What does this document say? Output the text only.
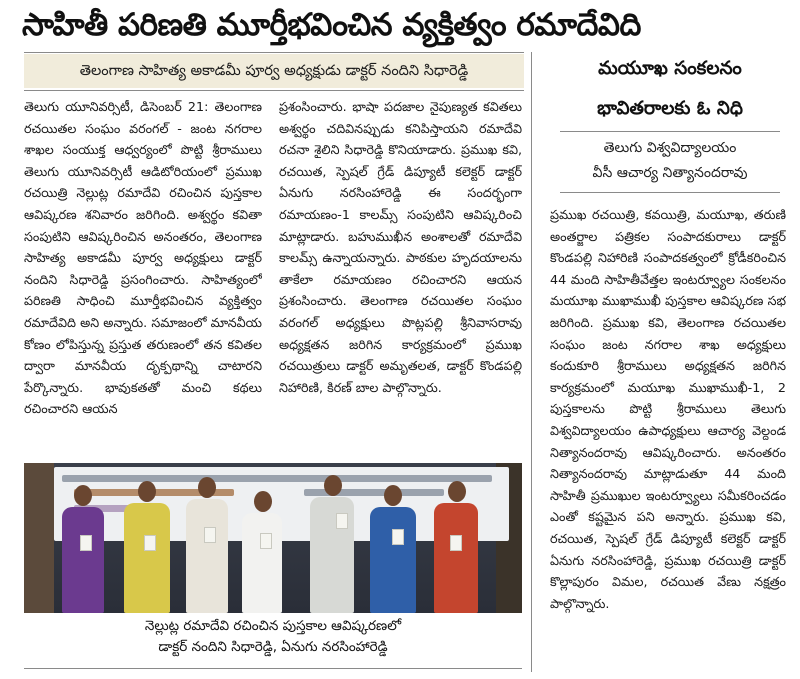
సాహితీ పరిణతి మూర్తీభవించిన వ్యక్తిత్వం రమాదేవిది
తెలంగాణ సాహిత్య అకాడమీ పూర్వ అధ్యక్షుడు డాక్టర్ నందిని సిధారెడ్డి

తెలుగు యూనివర్సిటీ, డిసెంబర్ 21: తెలంగాణ రచయితల సంఘం వరంగల్ - జంట నగరాల శాఖల సంయుక్త ఆధ్వర్యంలో పొట్టి శ్రీరాములు తెలుగు యూనివర్సిటీ ఆడిటోరియంలో ప్రముఖ రచయిత్రి నెల్లుట్ల రమాదేవి రచించిన పుస్తకాల ఆవిష్కరణ శనివారం జరిగింది. అశ్వర్థం కవితా సంపుటిని ఆవిష్కరించిన అనంతరం, తెలంగాణ సాహిత్య అకాడమీ పూర్వ అధ్యక్షులు డాక్టర్ నందిని సిధారెడ్డి ప్రసంగించారు. సాహిత్యంలో పరిణతి సాధించి మూర్తీభవించిన వ్యక్తిత్వం రమాదేవిది అని అన్నారు. సమాజంలో మానవీయ కోణం లోపిస్తున్న ప్రస్తుత తరుణంలో తన కవితల ద్వారా మానవీయ దృక్పథాన్ని చాటారని పేర్కొన్నారు. భావుకతతో మంచి కథలు రచించారని ఆయన

ప్రశంసించారు. భాషా పదజాల నైపుణ్యత కవితలు అశ్వర్థం చదివినప్పుడు కనిపిస్తాయని రమాదేవి రచనా శైలిని సిధారెడ్డి కొనియాడారు. ప్రముఖ కవి, రచయిత, స్పెషల్ గ్రేడ్ డిప్యూటీ కలెక్టర్ డాక్టర్ ఏనుగు నరసింహారెడ్డి ఈ సందర్భంగా రమాయణం-1 కాలమ్స్ సంపుటిని ఆవిష్కరించి మాట్లాడారు. బహుముఖీన అంశాలతో రమాదేవి కాలమ్స్ ఉన్నాయన్నారు. పాఠకుల హృదయాలను తాకేలా రమాయణం రచించారని ఆయన ప్రశంసించారు. తెలంగాణ రచయితల సంఘం వరంగల్ అధ్యక్షులు పొట్లపల్లి శ్రీనివాసరావు అధ్యక్షతన జరిగిన కార్యక్రమంలో ప్రముఖ రచయిత్రులు డాక్టర్ అమృతలత, డాక్టర్ కొండపల్లి నిహారిణి, కిరణ్ బాల పాల్గొన్నారు.

నెల్లుట్ల రమాదేవి రచించిన పుస్తకాల ఆవిష్కరణలో
డాక్టర్ నందిని సిధారెడ్డి, ఏనుగు నరసింహారెడ్డి
మయూఖ సంకలనం
భావితరాలకు ఓ నిధి
తెలుగు విశ్వవిద్యాలయం
వీసీ ఆచార్య నిత్యానందరావు

ప్రముఖ రచయిత్రి, కవయిత్రి, మయూఖ, తరుణి అంతర్జాల పత్రికల సంపాదకురాలు డాక్టర్ కొండపల్లి నిహారిణి సంపాదకత్వంలో క్రోడీకరించిన 44 మంది సాహితీవేత్తల ఇంటర్వ్యూల సంకలనం మయూఖ ముఖాముఖీ పుస్తకాల ఆవిష్కరణ సభ జరిగింది. ప్రముఖ కవి, తెలంగాణ రచయితల సంఘం జంట నగరాల శాఖ అధ్యక్షులు కందుకూరి శ్రీరాములు అధ్యక్షతన జరిగిన కార్యక్రమంలో మయూఖ ముఖాముఖీ-1, 2 పుస్తకాలను పొట్టి శ్రీరాములు తెలుగు విశ్వవిద్యాలయం ఉపాధ్యక్షులు ఆచార్య వెల్దండ నిత్యానందరావు ఆవిష్కరించారు. అనంతరం నిత్యానందరావు మాట్లాడుతూ 44 మంది సాహితీ ప్రముఖుల ఇంటర్వ్యూలు సమీకరించడం ఎంతో కష్టమైన పని అన్నారు. ప్రముఖ కవి, రచయిత, స్పెషల్ గ్రేడ్ డిప్యూటీ కలెక్టర్ డాక్టర్ ఏనుగు నరసింహారెడ్డి, ప్రముఖ రచయిత్రి డాక్టర్ కొల్లాపురం విమల, రచయిత వేణు నక్షత్రం పాల్గొన్నారు.
